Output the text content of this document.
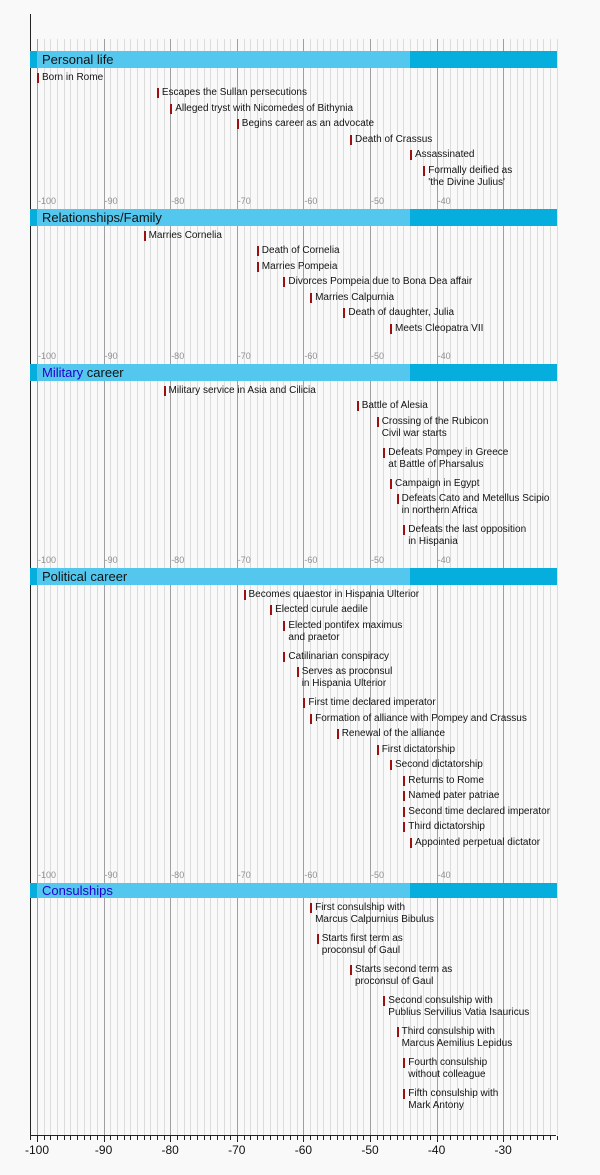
Personal life
Born in Rome
Escapes the Sullan persecutions
Alleged tryst with Nicomedes of Bithynia
Begins career as an advocate
Death of Crassus
Assassinated
Formally deified as
'the Divine Julius'
Relationships/Family
-100	-90	-80	-70	-60	-50	-40
Marries Cornelia
Death of Cornelia
Marries Pompeia
Divorces Pompeia due to Bona Dea affair
Marries Calpurnia
Death of daughter, Julia
Meets Cleopatra VII
Military career
-100	-90	-80	-70	-60	-50	-40
Military service in Asia and Cilicia
Battle of Alesia
Crossing of the Rubicon
Civil war starts
Defeats Pompey in Greece
at Battle of Pharsalus
Campaign in Egypt
Defeats Cato and Metellus Scipio
in northern Africa
Defeats the last opposition
in Hispania
Political career
-100	-90	-80	-70	-60	-50	-40
Becomes quaestor in Hispania Ulterior
Elected curule aedile
Elected pontifex maximus
and praetor
Catilinarian conspiracy
Serves as proconsul
in Hispania Ulterior
First time declared imperator
Formation of alliance with Pompey and Crassus
Renewal of the alliance
First dictatorship
Second dictatorship
Returns to Rome
Named pater patriae
Second time declared imperator
Third dictatorship
Appointed perpetual dictator
Consulships
-100	-90	-80	-70	-60	-50	-40
First consulship with
Marcus Calpurnius Bibulus
Starts first term as
proconsul of Gaul
Starts second term as
proconsul of Gaul
Second consulship with
Publius Servilius Vatia Isauricus
Third consulship with
Marcus Aemilius Lepidus
Fourth consulship
without colleague
Fifth consulship with
Mark Antony
-100	-90	-80	-70	-60	-50	-40	-30
